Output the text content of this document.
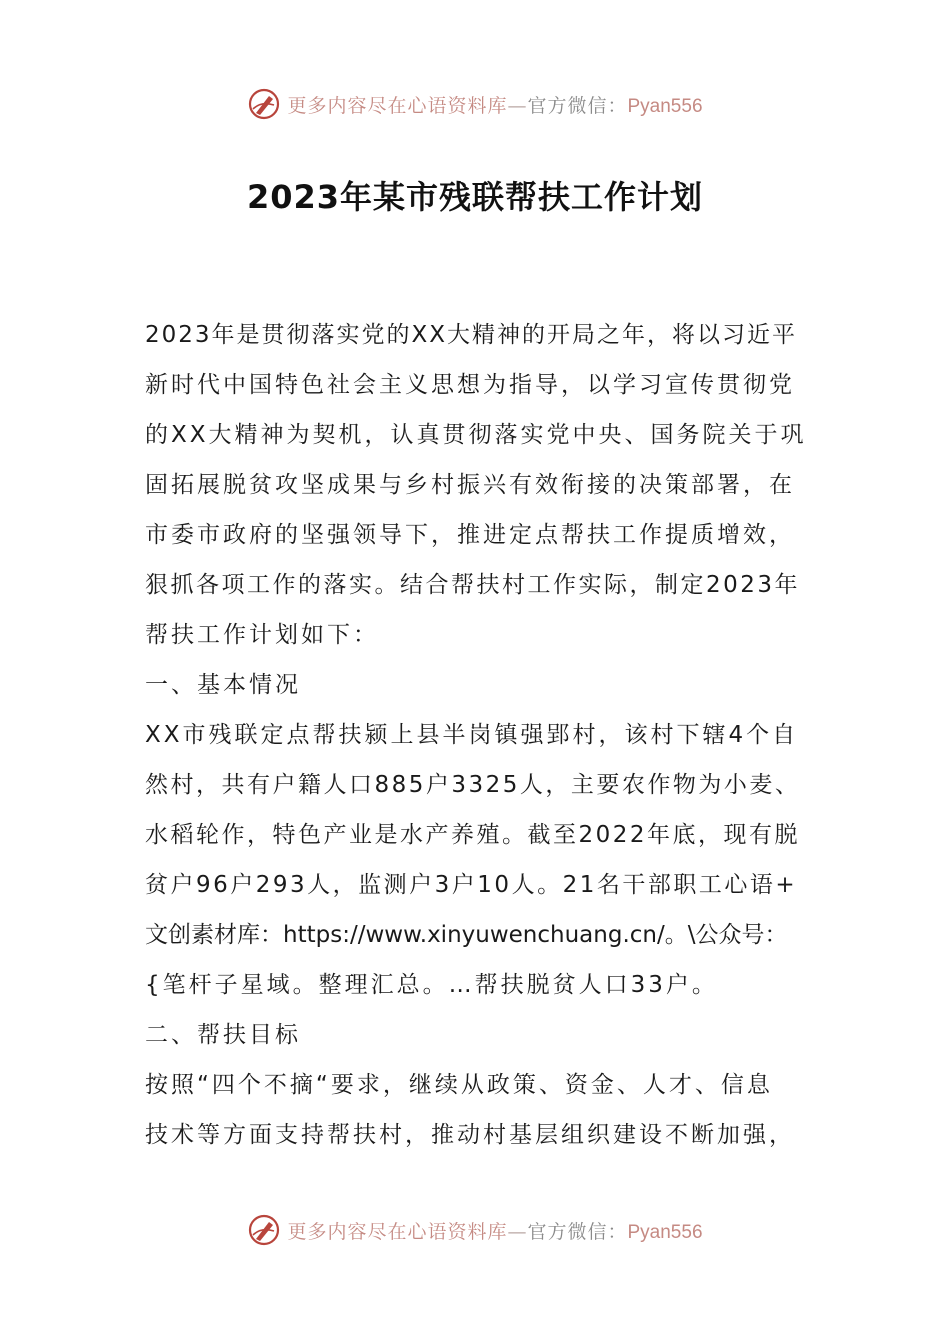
更多内容尽在心语资料库—官方微信：Pyan556
2023年某市残联帮扶工作计划
2023年是贯彻落实党的XX大精神的开局之年，将以习近平
新时代中国特色社会主义思想为指导，以学习宣传贯彻党
的XX大精神为契机，认真贯彻落实党中央、国务院关于巩
固拓展脱贫攻坚成果与乡村振兴有效衔接的决策部署，在
市委市政府的坚强领导下，推进定点帮扶工作提质增效，
狠抓各项工作的落实。结合帮扶村工作实际，制定2023年
帮扶工作计划如下：
一、基本情况
XX市残联定点帮扶颍上县半岗镇强郢村，该村下辖4个自
然村，共有户籍人口885户3325人，主要农作物为小麦、
水稻轮作，特色产业是水产养殖。截至2022年底，现有脱
贫户96户293人，监测户3户10人。21名干部职工心语+
文创素材库：https://www.xinyuwenchuang.cn/。\公众号：
{笔杆子星域。整理汇总。…帮扶脱贫人口33户。
二、帮扶目标
按照“四个不摘“要求，继续从政策、资金、人才、信息
技术等方面支持帮扶村，推动村基层组织建设不断加强，
更多内容尽在心语资料库—官方微信：Pyan556
